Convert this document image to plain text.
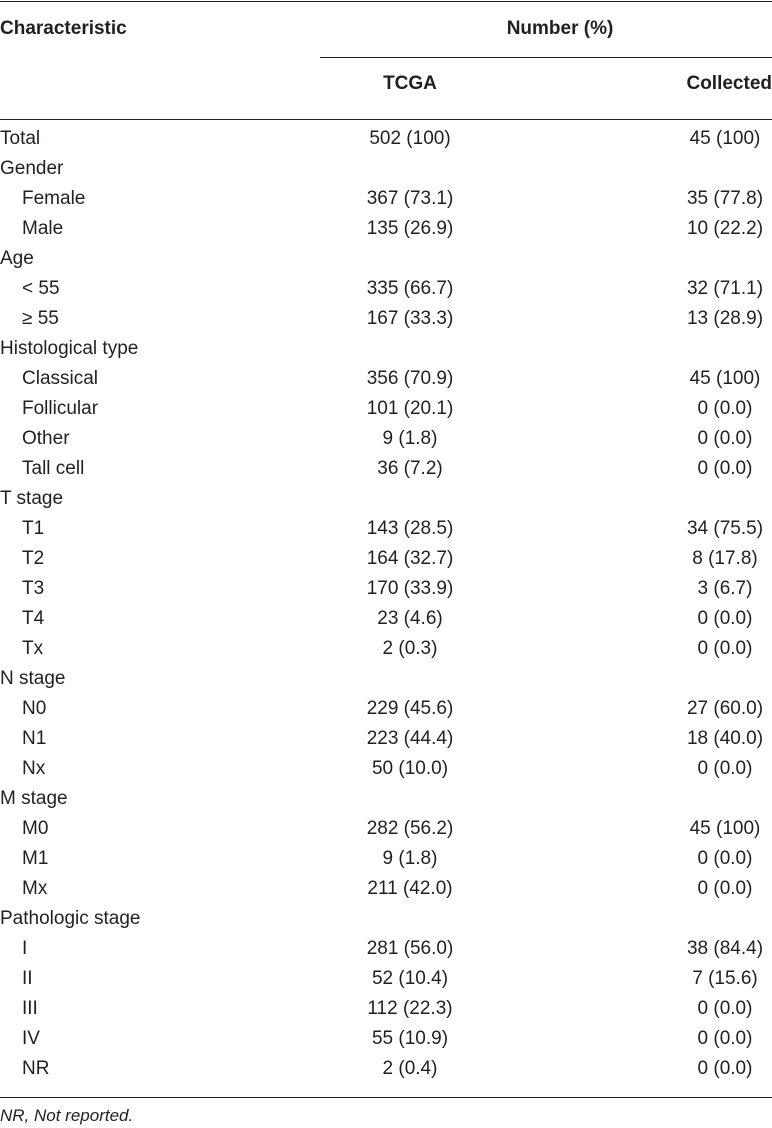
Characteristic	Number (%)
TCGA	Collected
Total	502 (100)	45 (100)
Gender
Female	367 (73.1)	35 (77.8)
Male	135 (26.9)	10 (22.2)
Age
< 55	335 (66.7)	32 (71.1)
≥ 55	167 (33.3)	13 (28.9)
Histological type
Classical	356 (70.9)	45 (100)
Follicular	101 (20.1)	0 (0.0)
Other	9 (1.8)	0 (0.0)
Tall cell	36 (7.2)	0 (0.0)
T stage
T1	143 (28.5)	34 (75.5)
T2	164 (32.7)	8 (17.8)
T3	170 (33.9)	3 (6.7)
T4	23 (4.6)	0 (0.0)
Tx	2 (0.3)	0 (0.0)
N stage
N0	229 (45.6)	27 (60.0)
N1	223 (44.4)	18 (40.0)
Nx	50 (10.0)	0 (0.0)
M stage
M0	282 (56.2)	45 (100)
M1	9 (1.8)	0 (0.0)
Mx	211 (42.0)	0 (0.0)
Pathologic stage
I	281 (56.0)	38 (84.4)
II	52 (10.4)	7 (15.6)
III	112 (22.3)	0 (0.0)
IV	55 (10.9)	0 (0.0)
NR	2 (0.4)	0 (0.0)
NR, Not reported.
